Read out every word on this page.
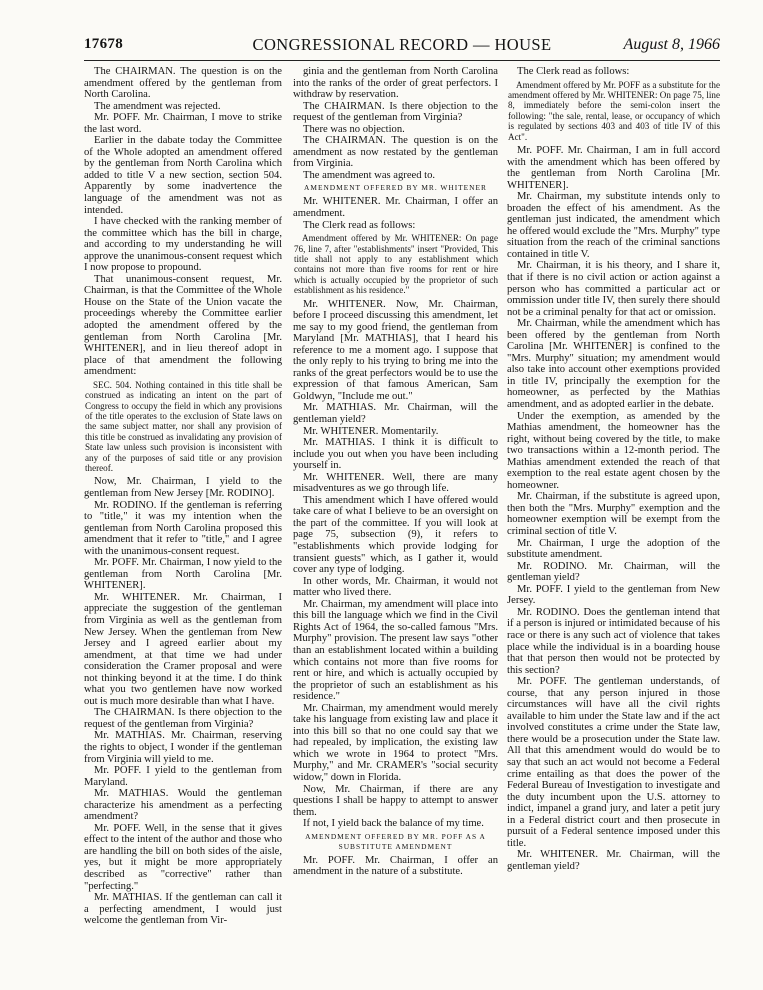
17678	CONGRESSIONAL RECORD — HOUSE	August 8, 1966

The CHAIRMAN. The question is on the amendment offered by the gentleman from North Carolina.

The amendment was rejected.

Mr. POFF. Mr. Chairman, I move to strike the last word.

Earlier in the dabate today the Committee of the Whole adopted an amendment offered by the gentleman from North Carolina which added to title V a new section, section 504. Apparently by some inadvertence the language of the amendment was not as intended.

I have checked with the ranking member of the committee which has the bill in charge, and according to my understanding he will approve the unanimous-consent request which I now propose to propound.

That unanimous-consent request, Mr. Chairman, is that the Committee of the Whole House on the State of the Union vacate the proceedings whereby the Committee earlier adopted the amendment offered by the gentleman from North Carolina [Mr. WHITENER], and in lieu thereof adopt in place of that amendment the following amendment:

SEC. 504. Nothing contained in this title shall be construed as indicating an intent on the part of Congress to occupy the field in which any provisions of the title operates to the exclusion of State laws on the same subject matter, nor shall any provision of this title be construed as invalidating any provision of State law unless such provision is inconsistent with any of the purposes of said title or any provision thereof.

Now, Mr. Chairman, I yield to the gentleman from New Jersey [Mr. RODINO].

Mr. RODINO. If the gentleman is referring to "title," it was my intention when the gentleman from North Carolina proposed this amendment that it refer to "title," and I agree with the unanimous-consent request.

Mr. POFF. Mr. Chairman, I now yield to the gentleman from North Carolina [Mr. WHITENER].

Mr. WHITENER. Mr. Chairman, I appreciate the suggestion of the gentleman from Virginia as well as the gentleman from New Jersey. When the gentleman from New Jersey and I agreed earlier about my amendment, at that time we had under consideration the Cramer proposal and were not thinking beyond it at the time. I do think what you two gentlemen have now worked out is much more desirable than what I have.

The CHAIRMAN. Is there objection to the request of the gentleman from Virginia?

Mr. MATHIAS. Mr. Chairman, reserving the rights to object, I wonder if the gentleman from Virginia will yield to me.

Mr. POFF. I yield to the gentleman from Maryland.

Mr. MATHIAS. Would the gentleman characterize his amendment as a perfecting amendment?

Mr. POFF. Well, in the sense that it gives effect to the intent of the author and those who are handling the bill on both sides of the aisle, yes, but it might be more appropriately described as "corrective" rather than "perfecting."

Mr. MATHIAS. If the gentleman can call it a perfecting amendment, I would just welcome the gentleman from Vir-

ginia and the gentleman from North Carolina into the ranks of the order of great perfectors. I withdraw by reservation.

The CHAIRMAN. Is there objection to the request of the gentleman from Virginia?

There was no objection.

The CHAIRMAN. The question is on the amendment as now restated by the gentleman from Virginia.

The amendment was agreed to.

AMENDMENT OFFERED BY MR. WHITENER

Mr. WHITENER. Mr. Chairman, I offer an amendment.

The Clerk read as follows:

Amendment offered by Mr. WHITENER: On page 76, line 7, after "establishments" insert "Provided, This title shall not apply to any establishment which contains not more than five rooms for rent or hire which is actually occupied by the proprietor of such establishment as his residence."

Mr. WHITENER. Now, Mr. Chairman, before I proceed discussing this amendment, let me say to my good friend, the gentleman from Maryland [Mr. MATHIAS], that I heard his reference to me a moment ago. I suppose that the only reply to his trying to bring me into the ranks of the great perfectors would be to use the expression of that famous American, Sam Goldwyn, "Include me out."

Mr. MATHIAS. Mr. Chairman, will the gentleman yield?

Mr. WHITENER. Momentarily.

Mr. MATHIAS. I think it is difficult to include you out when you have been including yourself in.

Mr. WHITENER. Well, there are many misadventures as we go through life.

This amendment which I have offered would take care of what I believe to be an oversight on the part of the committee. If you will look at page 75, subsection (9), it refers to "establishments which provide lodging for transient guests" which, as I gather it, would cover any type of lodging.

In other words, Mr. Chairman, it would not matter who lived there.

Mr. Chairman, my amendment will place into this bill the language which we find in the Civil Rights Act of 1964, the so-called famous "Mrs. Murphy" provision. The present law says "other than an establishment located within a building which contains not more than five rooms for rent or hire, and which is actually occupied by the proprietor of such an establishment as his residence."

Mr. Chairman, my amendment would merely take his language from existing law and place it into this bill so that no one could say that we had repealed, by implication, the existing law which we wrote in 1964 to protect "Mrs. Murphy," and Mr. CRAMER's "social security widow," down in Florida.

Now, Mr. Chairman, if there are any questions I shall be happy to attempt to answer them.

If not, I yield back the balance of my time.

AMENDMENT OFFERED BY MR. POFF AS A SUBSTITUTE AMENDMENT

Mr. POFF. Mr. Chairman, I offer an amendment in the nature of a substitute.

The Clerk read as follows:

Amendment offered by Mr. POFF as a substitute for the amendment offered by Mr. WHITENER: On page 75, line 8, immediately before the semi-colon insert the following: "the sale, rental, lease, or occupancy of which is regulated by sections 403 and 403 of title IV of this Act".

Mr. POFF. Mr. Chairman, I am in full accord with the amendment which has been offered by the gentleman from North Carolina [Mr. WHITENER].

Mr. Chairman, my substitute intends only to broaden the effect of his amendment. As the gentleman just indicated, the amendment which he offered would exclude the "Mrs. Murphy" type situation from the reach of the criminal sanctions contained in title V.

Mr. Chairman, it is his theory, and I share it, that if there is no civil action or action against a person who has committed a particular act or ommission under title IV, then surely there should not be a criminal penalty for that act or omission.

Mr. Chairman, while the amendment which has been offered by the gentleman from North Carolina [Mr. WHITENER] is confined to the "Mrs. Murphy" situation; my amendment would also take into account other exemptions provided in title IV, principally the exemption for the homeowner, as perfected by the Mathias amendment, and as adopted earlier in the debate.

Under the exemption, as amended by the Mathias amendment, the homeowner has the right, without being covered by the title, to make two transactions within a 12-month period. The Mathias amendment extended the reach of that exemption to the real estate agent chosen by the homeowner.

Mr. Chairman, if the substitute is agreed upon, then both the "Mrs. Murphy" exemption and the homeowner exemption will be exempt from the criminal section of title V.

Mr. Chairman, I urge the adoption of the substitute amendment.

Mr. RODINO. Mr. Chairman, will the gentleman yield?

Mr. POFF. I yield to the gentleman from New Jersey.

Mr. RODINO. Does the gentleman intend that if a person is injured or intimidated because of his race or there is any such act of violence that takes place while the individual is in a boarding house that that person then would not be protected by this section?

Mr. POFF. The gentleman understands, of course, that any person injured in those circumstances will have all the civil rights available to him under the State law and if the act involved constitutes a crime under the State law, there would be a prosecution under the State law. All that this amendment would do would be to say that such an act would not become a Federal crime entailing as that does the power of the Federal Bureau of Investigation to investigate and the duty incumbent upon the U.S. attorney to indict, impanel a grand jury, and later a petit jury in a Federal district court and then prosecute in pursuit of a Federal sentence imposed under this title.

Mr. WHITENER. Mr. Chairman, will the gentleman yield?
